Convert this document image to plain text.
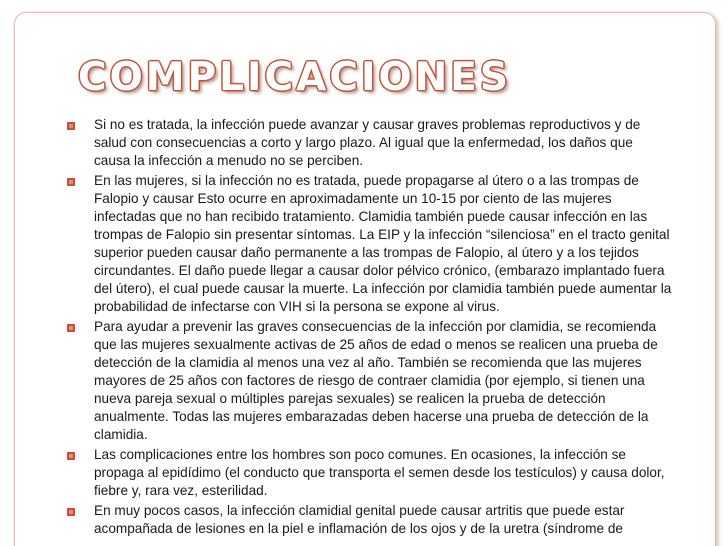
COMPLICACIONES
Si no es tratada, la infección puede avanzar y causar graves problemas reproductivos y de salud con consecuencias a corto y largo plazo. Al igual que la enfermedad, los daños que causa la infección a menudo no se perciben.
En las mujeres, si la infección no es tratada, puede propagarse al útero o a las trompas de Falopio y causar Esto ocurre en aproximadamente un 10-15 por ciento de las mujeres infectadas que no han recibido tratamiento. Clamidia también puede causar infección en las trompas de Falopio sin presentar síntomas. La EIP y la infección “silenciosa” en el tracto genital superior pueden causar daño permanente a las trompas de Falopio, al útero y a los tejidos circundantes. El daño puede llegar a causar dolor pélvico crónico, (embarazo implantado fuera del útero), el cual puede causar la muerte. La infección por clamidia también puede aumentar la probabilidad de infectarse con VIH si la persona se expone al virus.
Para ayudar a prevenir las graves consecuencias de la infección por clamidia, se recomienda que las mujeres sexualmente activas de 25 años de edad o menos se realicen una prueba de detección de la clamidia al menos una vez al año. También se recomienda que las mujeres mayores de 25 años con factores de riesgo de contraer clamidia (por ejemplo, si tienen una nueva pareja sexual o múltiples parejas sexuales) se realicen la prueba de detección anualmente. Todas las mujeres embarazadas deben hacerse una prueba de detección de la clamidia.
Las complicaciones entre los hombres son poco comunes. En ocasiones, la infección se propaga al epidídimo (el conducto que transporta el semen desde los testículos) y causa dolor, fiebre y, rara vez, esterilidad.
En muy pocos casos, la infección clamidial genital puede causar artritis que puede estar acompañada de lesiones en la piel e inflamación de los ojos y de la uretra (síndrome de
